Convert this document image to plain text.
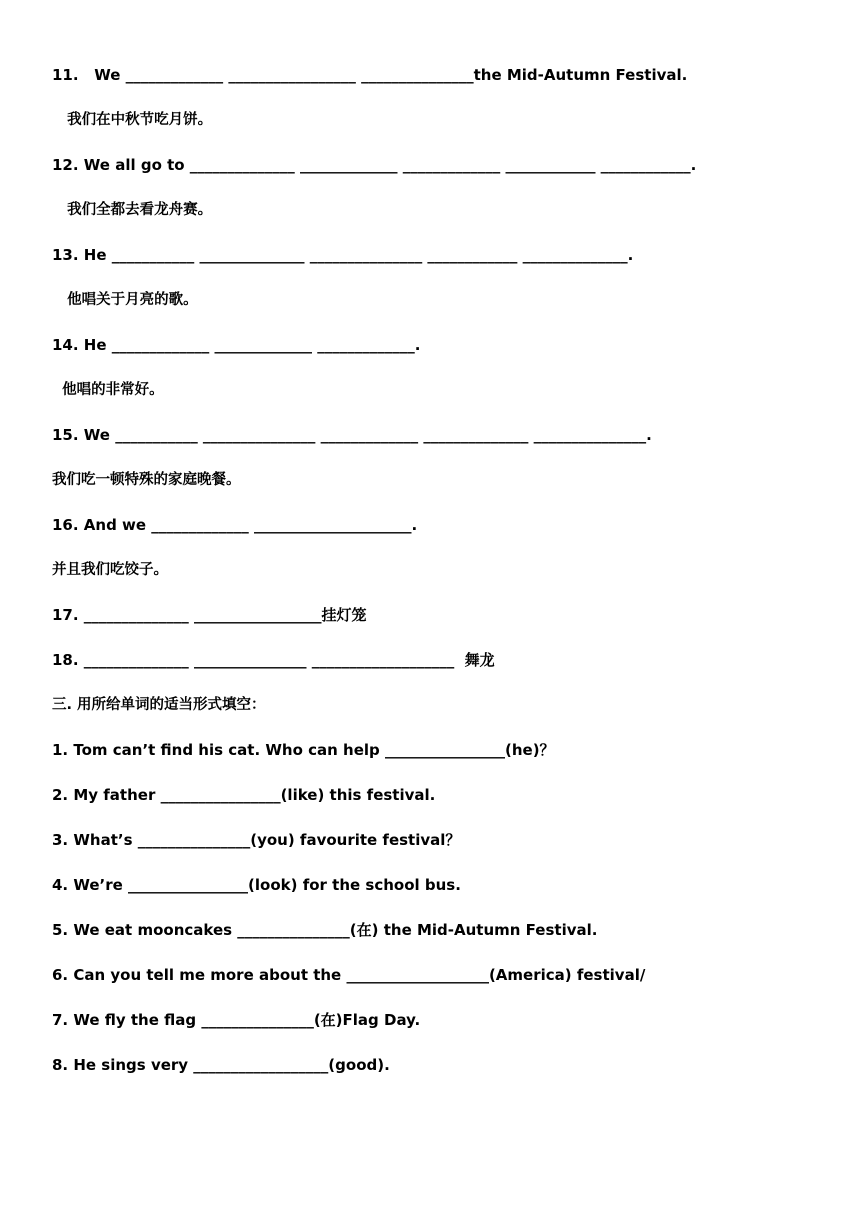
11.   We _____________ _________________ _______________the Mid-Autumn Festival.

我们在中秋节吃月饼。

12. We all go to ______________ _____________ _____________ ____________ ____________.

我们全都去看龙舟赛。

13. He ___________ ______________ _______________ ____________ ______________.

他唱关于月亮的歌。

14. He _____________ _____________ _____________.

他唱的非常好。

15. We ___________ _______________ _____________ ______________ _______________.

我们吃一顿特殊的家庭晚餐。

16. And we _____________ _____________________.

并且我们吃饺子。

17. ______________ _________________挂灯笼

18. ______________ _______________ ___________________  舞龙

三. 用所给单词的适当形式填空：

1. Tom can’t find his cat. Who can help ________________(he)？

2. My father ________________(like) this festival.

3. What’s _______________(you) favourite festival？

4. We’re ________________(look) for the school bus.

5. We eat mooncakes _______________(在) the Mid-Autumn Festival.

6. Can you tell me more about the ___________________(America) festival/

7. We fly the flag _______________(在)Flag Day.

8. He sings very __________________(good).
